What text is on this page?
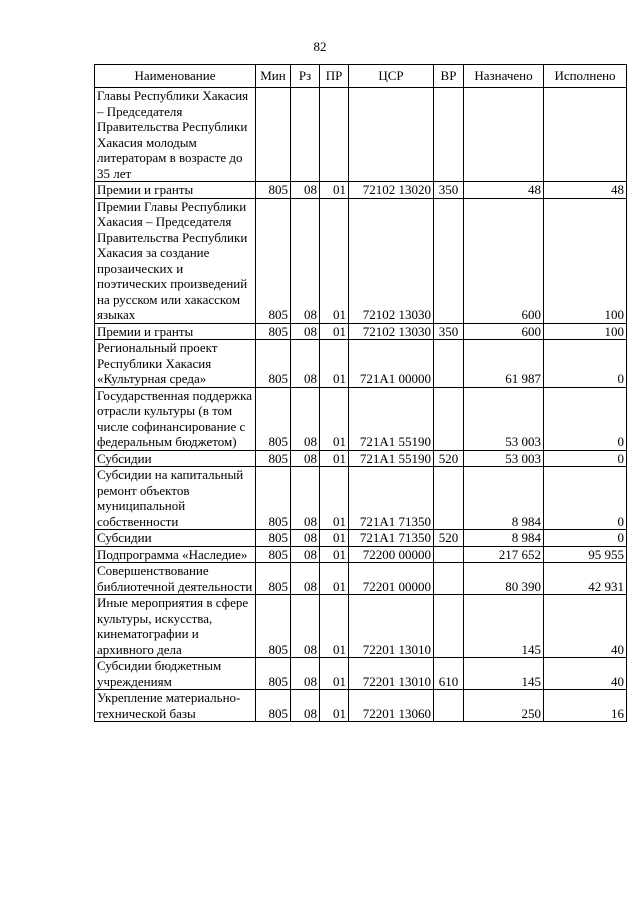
82
Наименование	Мин	Рз	ПР	ЦСР	ВР	Назначено	Исполнено
Главы Республики Хакасия – Председателя Правительства Республики Хакасия молодым литераторам в возрасте до 35 лет							
Премии и гранты	805	08	01	72102 13020	350	48	48
Премии Главы Республики Хакасия – Председателя Правительства Республики Хакасия за создание прозаических и поэтических произведений на русском или хакасском языках	805	08	01	72102 13030		600	100
Премии и гранты	805	08	01	72102 13030	350	600	100
Региональный проект Республики Хакасия «Культурная среда»	805	08	01	721А1 00000		61 987	0
Государственная поддержка отрасли культуры (в том числе софинансирование с федеральным бюджетом)	805	08	01	721А1 55190		53 003	0
Субсидии	805	08	01	721А1 55190	520	53 003	0
Субсидии на капитальный ремонт объектов муниципальной собственности	805	08	01	721А1 71350		8 984	0
Субсидии	805	08	01	721А1 71350	520	8 984	0
Подпрограмма «Наследие»	805	08	01	72200 00000		217 652	95 955
Совершенствование библиотечной деятельности	805	08	01	72201 00000		80 390	42 931
Иные мероприятия в сфере культуры, искусства, кинематографии и архивного дела	805	08	01	72201 13010		145	40
Субсидии бюджетным учреждениям	805	08	01	72201 13010	610	145	40
Укрепление материально-технической базы	805	08	01	72201 13060		250	16
